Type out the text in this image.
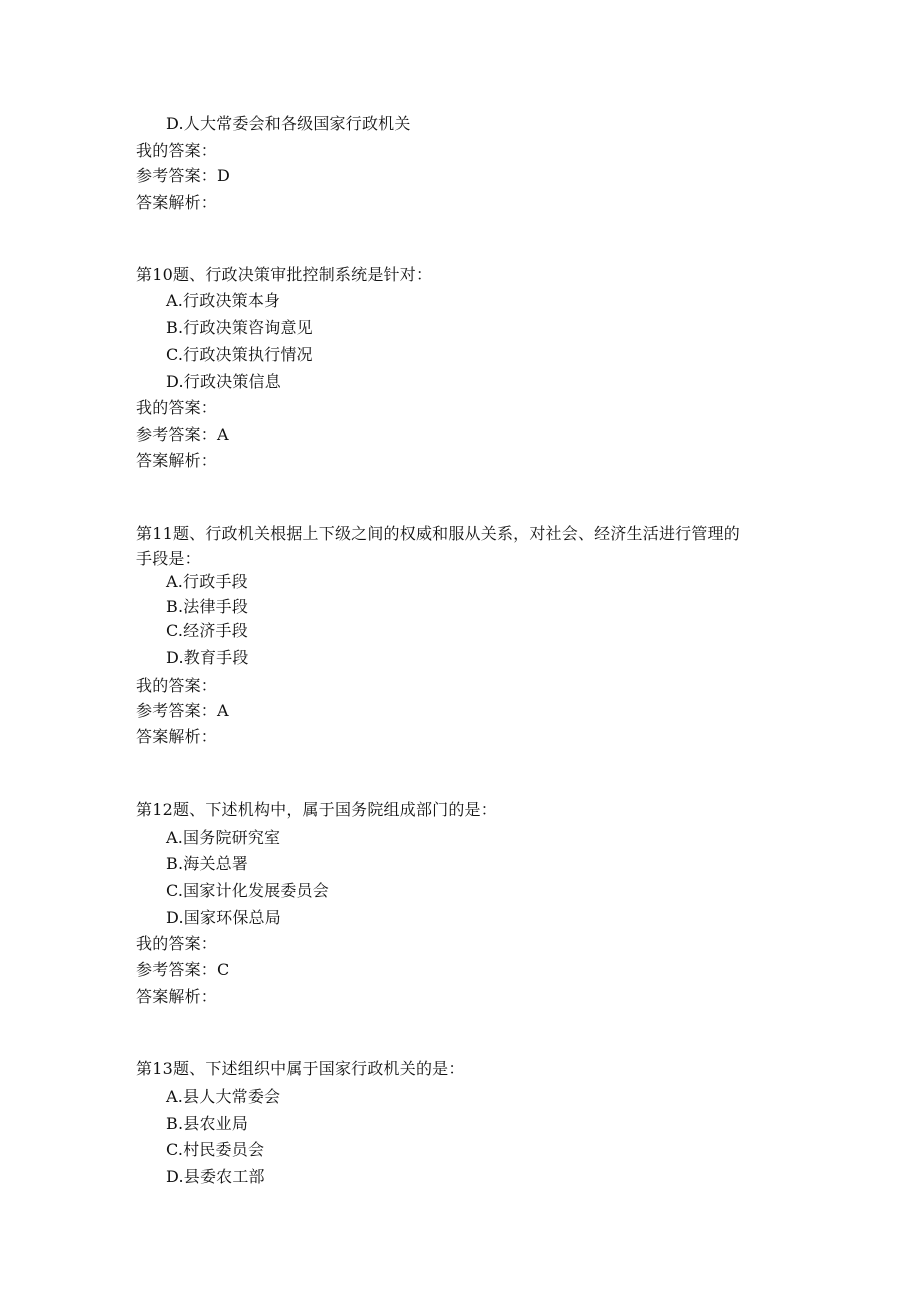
D.人大常委会和各级国家行政机关
我的答案：
参考答案：D
答案解析：
第10题、行政决策审批控制系统是针对：
A.行政决策本身
B.行政决策咨询意见
C.行政决策执行情况
D.行政决策信息
我的答案：
参考答案：A
答案解析：
第11题、行政机关根据上下级之间的权威和服从关系，对社会、经济生活进行管理的
手段是：
A.行政手段
B.法律手段
C.经济手段
D.教育手段
我的答案：
参考答案：A
答案解析：
第12题、下述机构中，属于国务院组成部门的是：
A.国务院研究室
B.海关总署
C.国家计化发展委员会
D.国家环保总局
我的答案：
参考答案：C
答案解析：
第13题、下述组织中属于国家行政机关的是：
A.县人大常委会
B.县农业局
C.村民委员会
D.县委农工部
